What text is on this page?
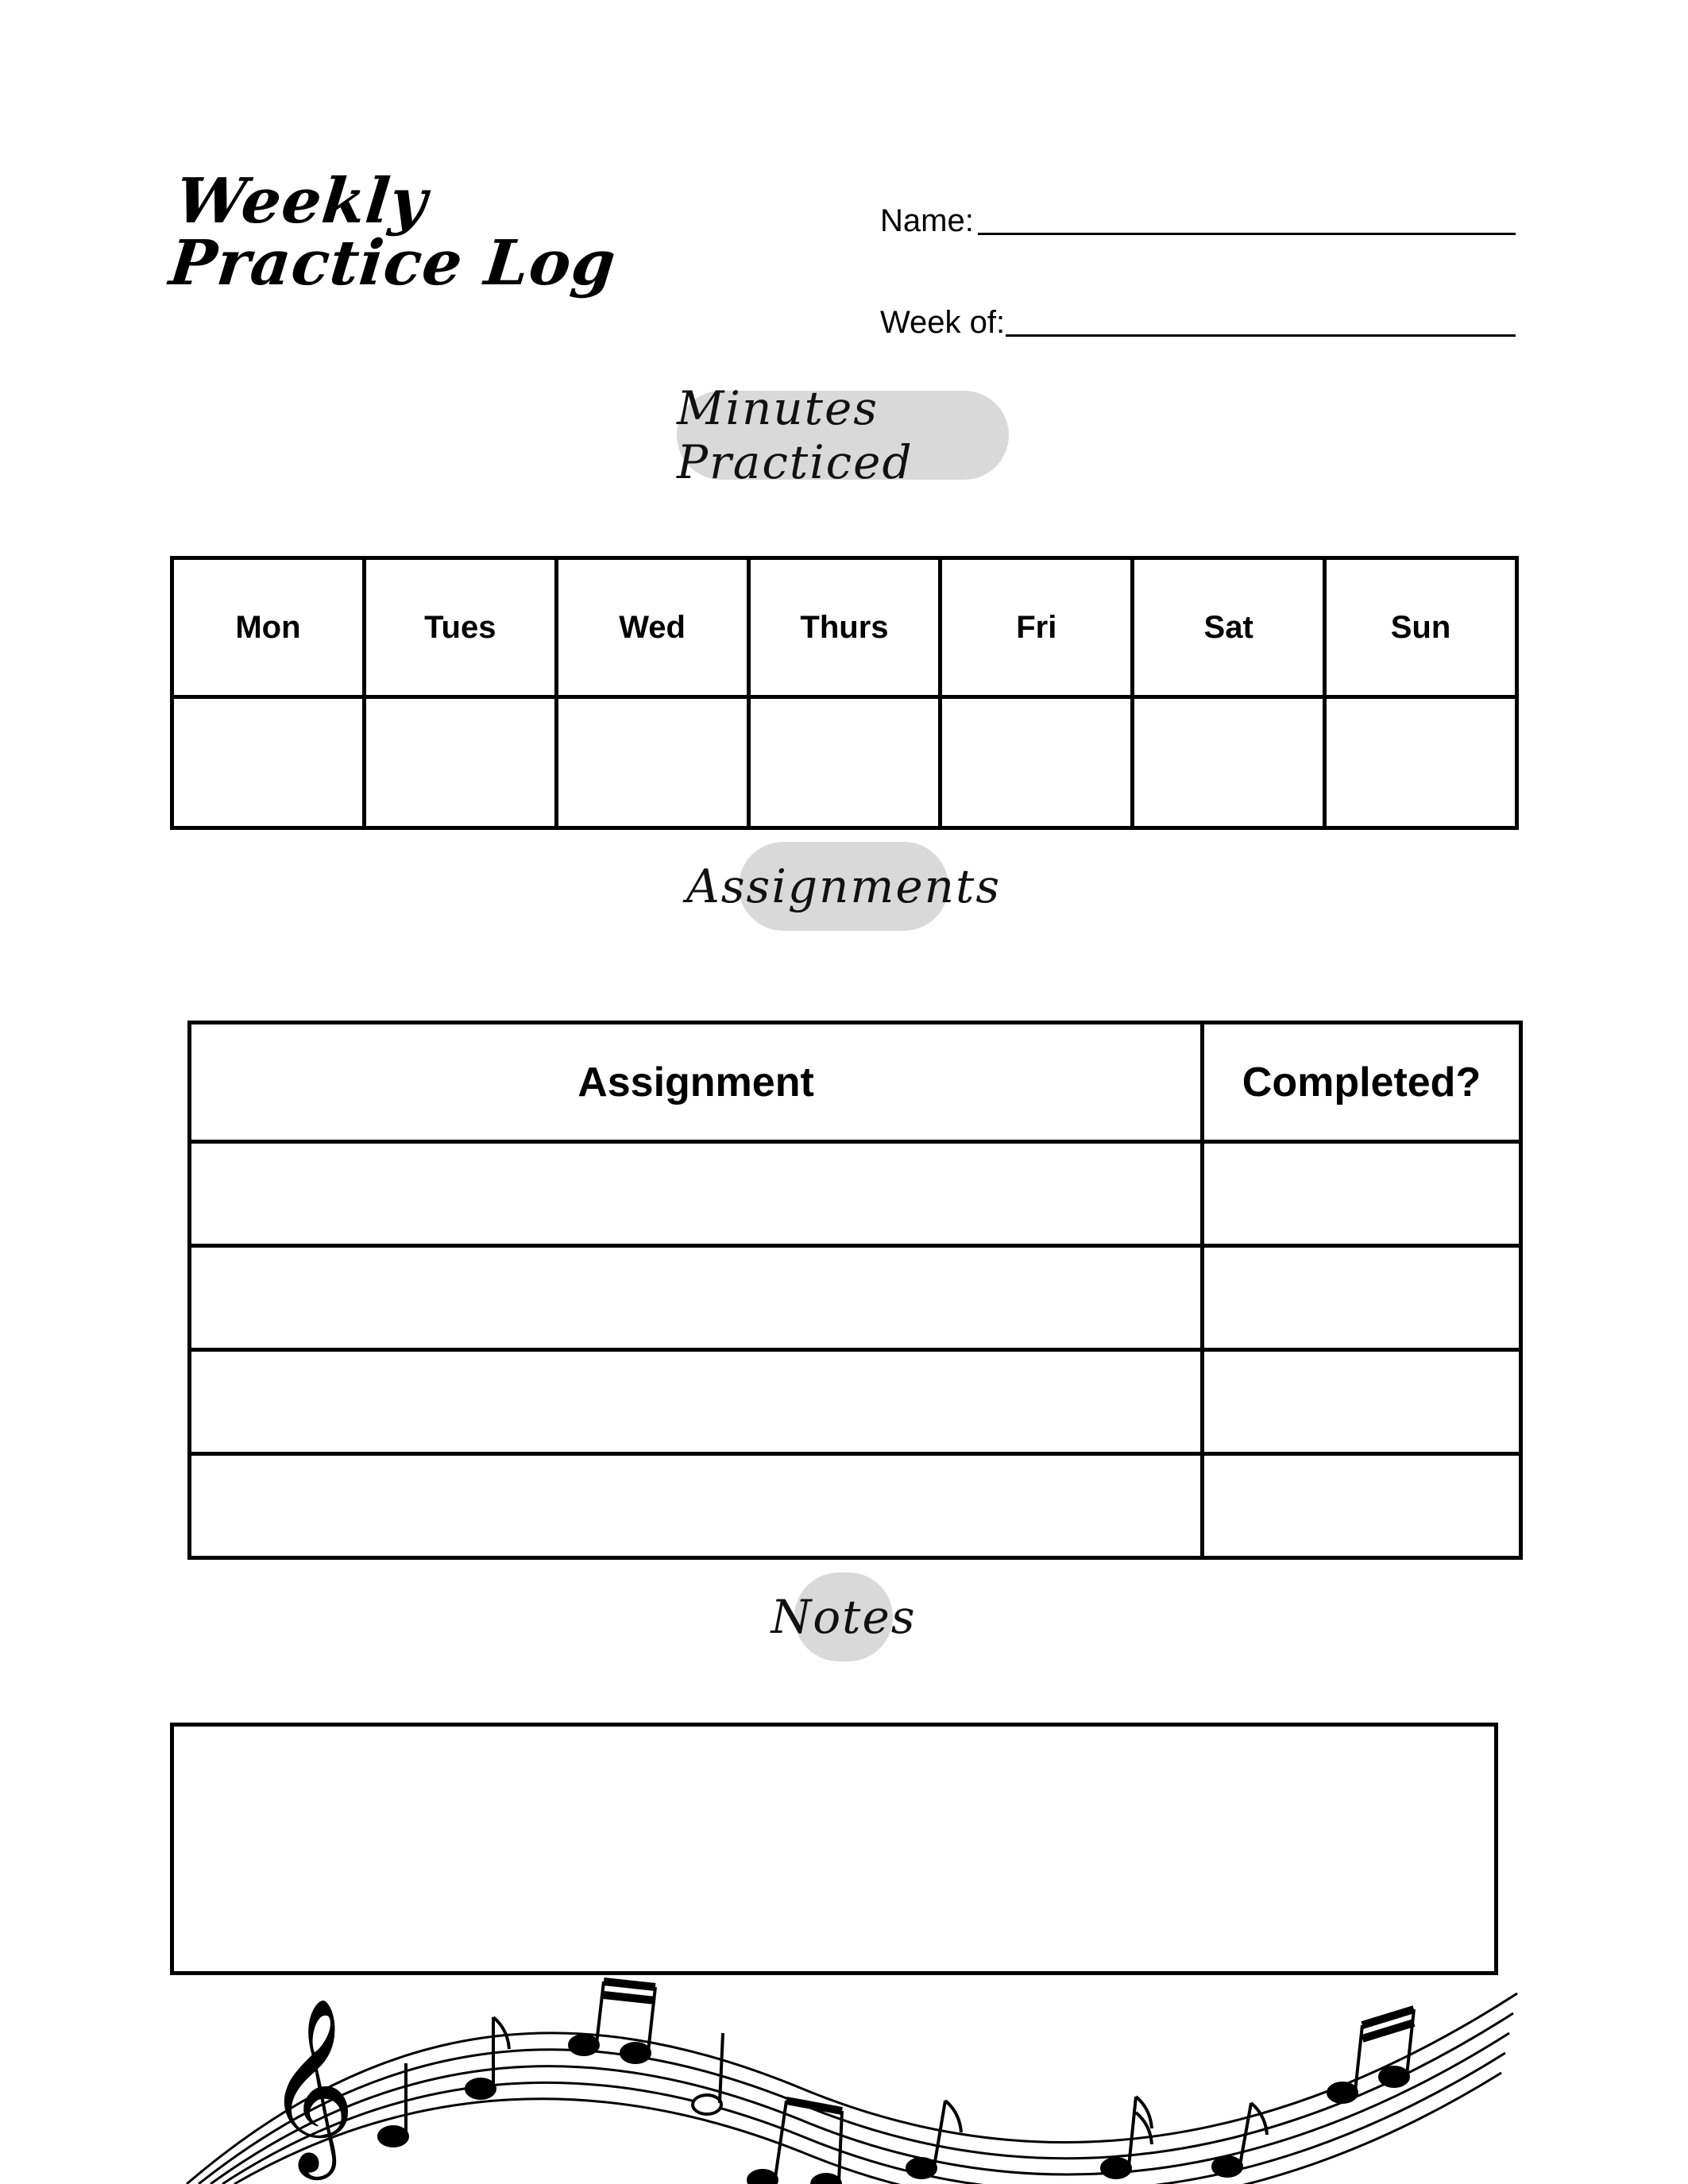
Weekly
Practice Log
Name:
Week of:
Minutes Practiced
Mon	Tues	Wed	Thurs	Fri	Sat	Sun

Assignments
Assignment	Completed?

Notes
𝄞
